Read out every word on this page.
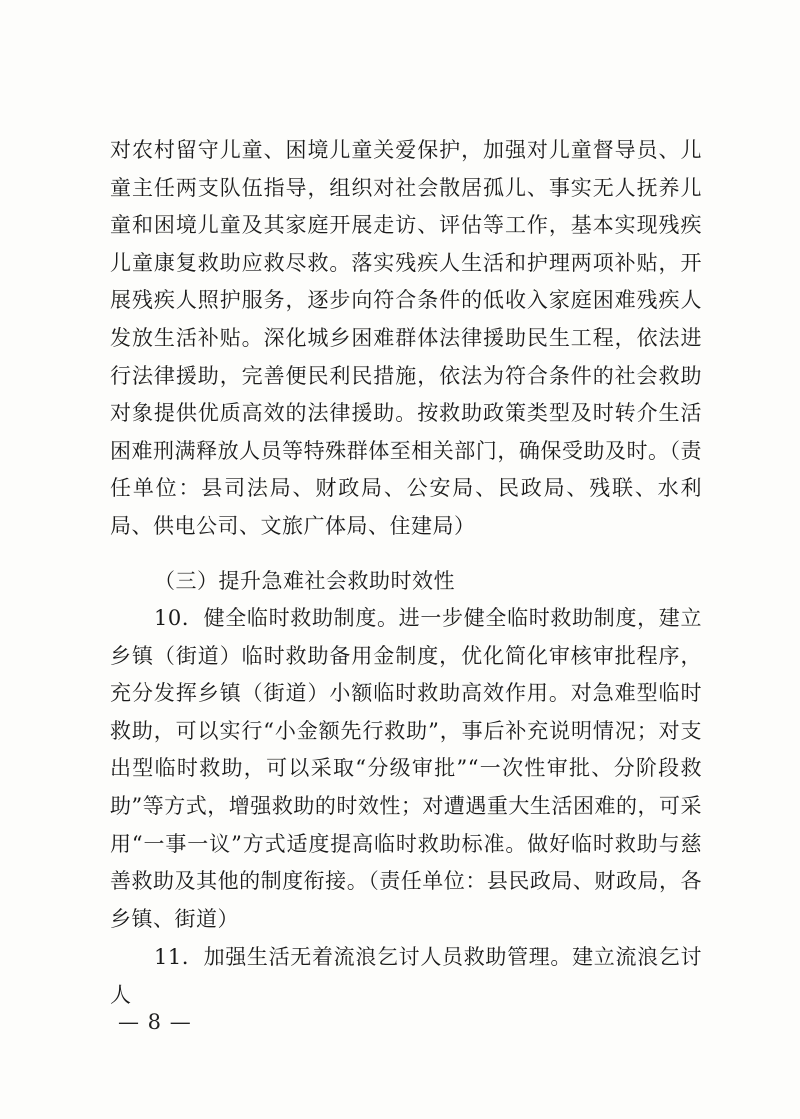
对农村留守儿童、困境儿童关爱保护，加强对儿童督导员、儿童主任两支队伍指导，组织对社会散居孤儿、事实无人抚养儿童和困境儿童及其家庭开展走访、评估等工作，基本实现残疾儿童康复救助应救尽救。落实残疾人生活和护理两项补贴，开展残疾人照护服务，逐步向符合条件的低收入家庭困难残疾人发放生活补贴。深化城乡困难群体法律援助民生工程，依法进行法律援助，完善便民利民措施，依法为符合条件的社会救助对象提供优质高效的法律援助。按救助政策类型及时转介生活困难刑满释放人员等特殊群体至相关部门，确保受助及时。（责任单位：县司法局、财政局、公安局、民政局、残联、水利局、供电公司、文旅广体局、住建局）

（三）提升急难社会救助时效性

10．健全临时救助制度。进一步健全临时救助制度，建立乡镇（街道）临时救助备用金制度，优化简化审核审批程序，充分发挥乡镇（街道）小额临时救助高效作用。对急难型临时救助，可以实行“小金额先行救助”，事后补充说明情况；对支出型临时救助，可以采取“分级审批”“一次性审批、分阶段救助”等方式，增强救助的时效性；对遭遇重大生活困难的，可采用“一事一议”方式适度提高临时救助标准。做好临时救助与慈善救助及其他的制度衔接。（责任单位：县民政局、财政局，各乡镇、街道）

11．加强生活无着流浪乞讨人员救助管理。建立流浪乞讨人

— 8 —
